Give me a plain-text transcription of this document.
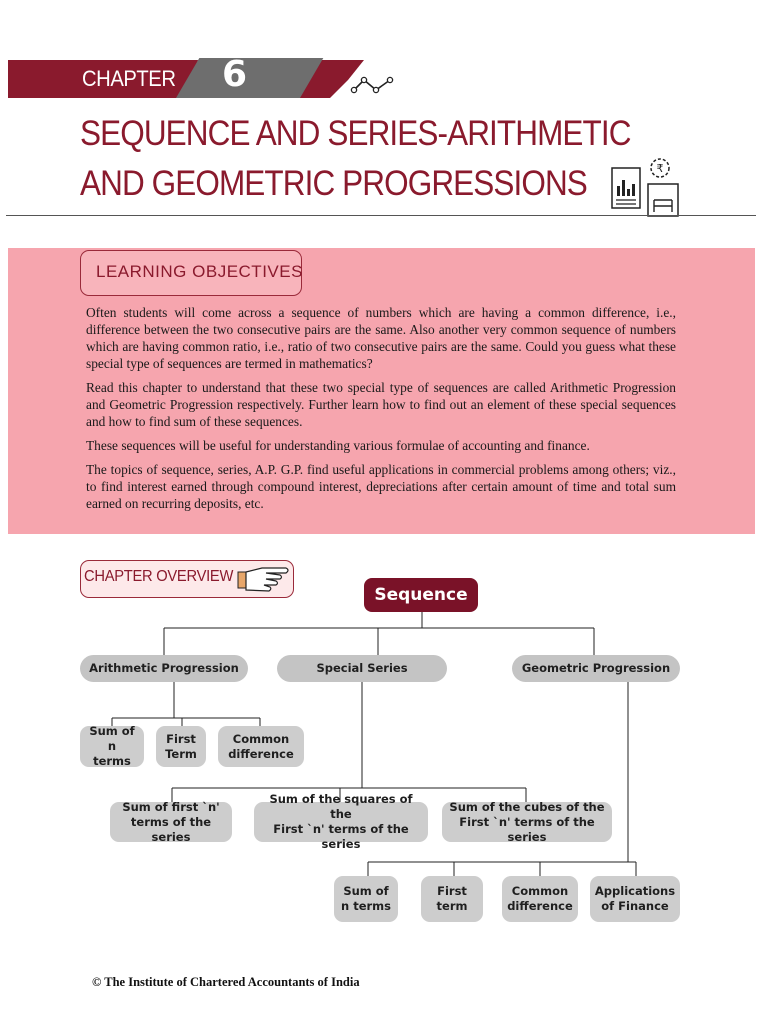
CHAPTER 6
SEQUENCE AND SERIES-ARITHMETIC
AND GEOMETRIC PROGRESSIONS	₹
LEARNING OBJECTIVES

Often students will come across a sequence of numbers which are having a common difference, i.e., difference between the two consecutive pairs are the same. Also another very common sequence of numbers which are having common ratio, i.e., ratio of two consecutive pairs are the same. Could you guess what these special type of sequences are termed in mathematics?

Read this chapter to understand that these two special type of sequences are called Arithmetic Progression and Geometric Progression respectively. Further learn how to find out an element of these special sequences and how to find sum of these sequences.

These sequences will be useful for understanding various formulae of accounting and finance.

The topics of sequence, series, A.P. G.P. find useful applications in commercial problems among others; viz., to find interest earned through compound interest, depreciations after certain amount of time and total sum earned on recurring deposits, etc.

CHAPTER OVERVIEW
Sequence
Arithmetic Progression	Special Series	Geometric Progression
Sum of n
terms
First
Term
Common
difference
Sum of first `n'
terms of the series
Sum of the squares of the
First `n' terms of the series
Sum of the cubes of the
First `n' terms of the series
Sum of
n terms
First term
Common
difference
Applications
of Finance
© The Institute of Chartered Accountants of India
